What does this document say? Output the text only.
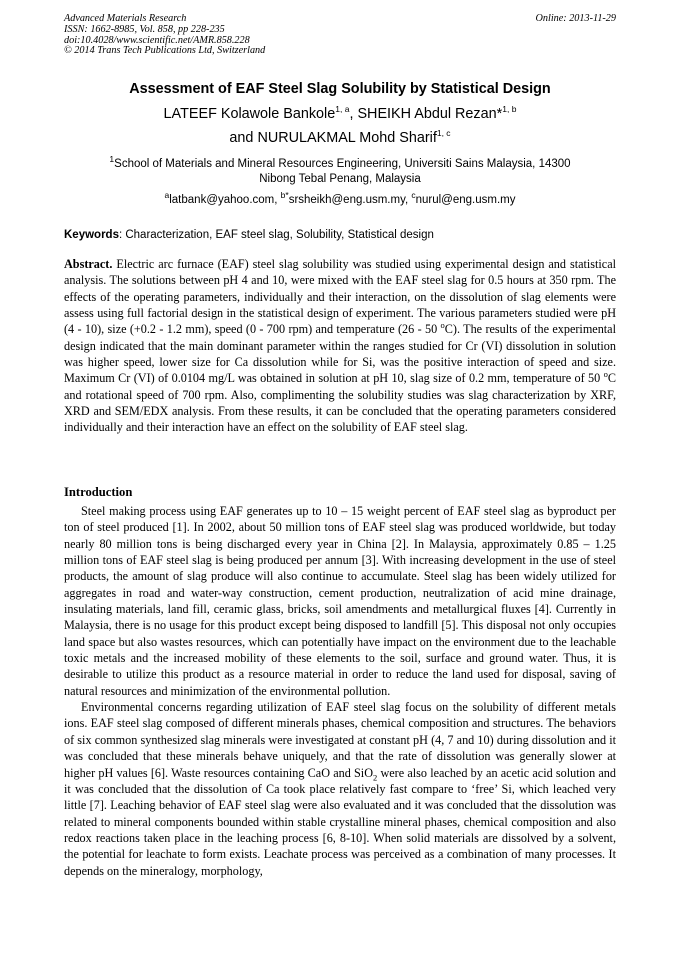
Advanced Materials Research
ISSN: 1662-8985, Vol. 858, pp 228-235
doi:10.4028/www.scientific.net/AMR.858.228
© 2014 Trans Tech Publications Ltd, Switzerland
Online: 2013-11-29
Assessment of EAF Steel Slag Solubility by Statistical Design
LATEEF Kolawole Bankole$^{1, a}$, SHEIKH Abdul Rezan*$^{1, b}$
and NURULAKMAL Mohd Sharif$^{1, c}$
$^1$School of Materials and Mineral Resources Engineering, Universiti Sains Malaysia, 14300
Nibong Tebal Penang, Malaysia
$^a$latbank@yahoo.com, $^{b*}$srsheikh@eng.usm.my, $^c$nurul@eng.usm.my
Keywords: Characterization, EAF steel slag, Solubility, Statistical design
Abstract. Electric arc furnace (EAF) steel slag solubility was studied using experimental design and statistical analysis. The solutions between pH 4 and 10, were mixed with the EAF steel slag for 0.5 hours at 350 rpm. The effects of the operating parameters, individually and their interaction, on the dissolution of slag elements were assess using full factorial design in the statistical design of experiment. The various parameters studied were pH (4 - 10), size (+0.2 - 1.2 mm), speed (0 - 700 rpm) and temperature (26 - 50 $^o$C). The results of the experimental design indicated that the main dominant parameter within the ranges studied for Cr (VI) dissolution in solution was higher speed, lower size for Ca dissolution while for Si, was the positive interaction of speed and size. Maximum Cr (VI) of 0.0104 mg/L was obtained in solution at pH 10, slag size of 0.2 mm, temperature of 50 $^o$C and rotational speed of 700 rpm. Also, complimenting the solubility studies was slag characterization by XRF, XRD and SEM/EDX analysis. From these results, it can be concluded that the operating parameters considered individually and their interaction have an effect on the solubility of EAF steel slag.
Introduction

Steel making process using EAF generates up to 10 – 15 weight percent of EAF steel slag as byproduct per ton of steel produced [1]. In 2002, about 50 million tons of EAF steel slag was produced worldwide, but today nearly 80 million tons is being discharged every year in China [2]. In Malaysia, approximately 0.85 – 1.25 million tons of EAF steel slag is being produced per annum [3]. With increasing development in the use of steel products, the amount of slag produce will also continue to accumulate. Steel slag has been widely utilized for aggregates in road and water-way construction, cement production, neutralization of acid mine drainage, insulating materials, land fill, ceramic glass, bricks, soil amendments and metallurgical fluxes [4]. Currently in Malaysia, there is no usage for this product except being disposed to landfill [5]. This disposal not only occupies land space but also wastes resources, which can potentially have impact on the environment due to the leachable toxic metals and the increased mobility of these elements to the soil, surface and ground water. Thus, it is desirable to utilize this product as a resource material in order to reduce the land used for disposal, saving of natural resources and minimization of the environmental pollution.

Environmental concerns regarding utilization of EAF steel slag focus on the solubility of different metals ions. EAF steel slag composed of different minerals phases, chemical composition and structures. The behaviors of six common synthesized slag minerals were investigated at constant pH (4, 7 and 10) during dissolution and it was concluded that these minerals behave uniquely, and that the rate of dissolution was generally slower at higher pH values [6]. Waste resources containing CaO and SiO$_2$ were also leached by an acetic acid solution and it was concluded that the dissolution of Ca took place relatively fast compare to ‘free’ Si, which leached very little [7]. Leaching behavior of EAF steel slag were also evaluated and it was concluded that the dissolution was related to mineral components bounded within stable crystalline mineral phases, chemical composition and also redox reactions taken place in the leaching process [6, 8-10]. When solid materials are dissolved by a solvent, the potential for leachate to form exists. Leachate process was perceived as a combination of many processes. It depends on the mineralogy, morphology,
